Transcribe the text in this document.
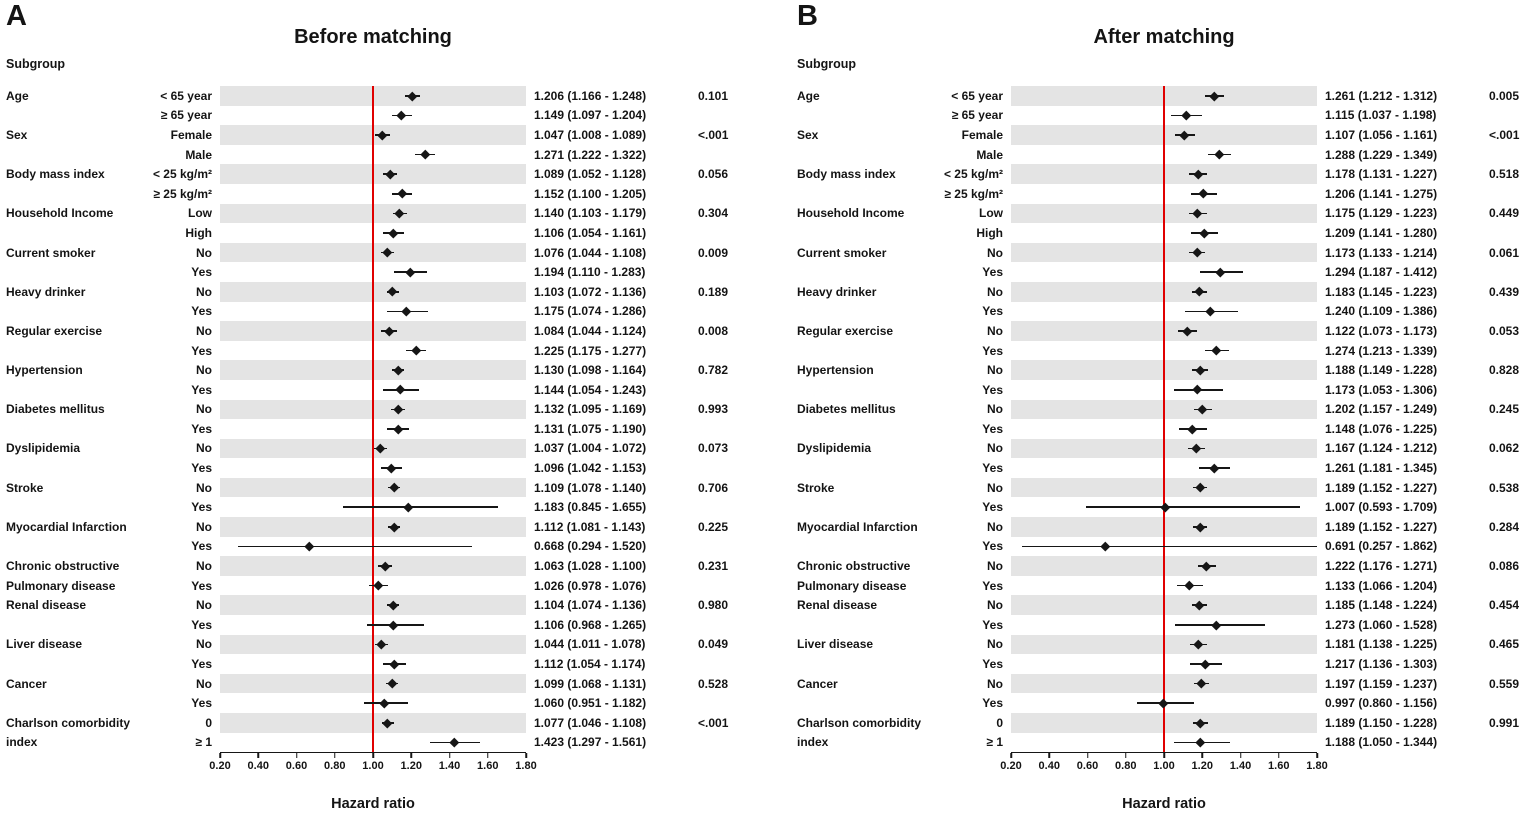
A
Before matching
Subgroup
Age	< 65 year	1.206 (1.166 - 1.248)	0.101
≥ 65 year	1.149 (1.097 - 1.204)
Sex	Female	1.047 (1.008 - 1.089)	<.001
Male	1.271 (1.222 - 1.322)
Body mass index	< 25 kg/m²	1.089 (1.052 - 1.128)	0.056
≥ 25 kg/m²	1.152 (1.100 - 1.205)
Household Income	Low	1.140 (1.103 - 1.179)	0.304
High	1.106 (1.054 - 1.161)
Current smoker	No	1.076 (1.044 - 1.108)	0.009
Yes	1.194 (1.110 - 1.283)
Heavy drinker	No	1.103 (1.072 - 1.136)	0.189
Yes	1.175 (1.074 - 1.286)
Regular exercise	No	1.084 (1.044 - 1.124)	0.008
Yes	1.225 (1.175 - 1.277)
Hypertension	No	1.130 (1.098 - 1.164)	0.782
Yes	1.144 (1.054 - 1.243)
Diabetes mellitus	No	1.132 (1.095 - 1.169)	0.993
Yes	1.131 (1.075 - 1.190)
Dyslipidemia	No	1.037 (1.004 - 1.072)	0.073
Yes	1.096 (1.042 - 1.153)
Stroke	No	1.109 (1.078 - 1.140)	0.706
Yes	1.183 (0.845 - 1.655)
Myocardial Infarction	No	1.112 (1.081 - 1.143)	0.225
Yes	0.668 (0.294 - 1.520)
Chronic obstructive	No	1.063 (1.028 - 1.100)	0.231
Pulmonary disease	Yes	1.026 (0.978 - 1.076)
Renal disease	No	1.104 (1.074 - 1.136)	0.980
Yes	1.106 (0.968 - 1.265)
Liver disease	No	1.044 (1.011 - 1.078)	0.049
Yes	1.112 (1.054 - 1.174)
Cancer	No	1.099 (1.068 - 1.131)	0.528
Yes	1.060 (0.951 - 1.182)
Charlson comorbidity	0	1.077 (1.046 - 1.108)	<.001
index	≥ 1	1.423 (1.297 - 1.561)
0.20 0.40 0.60 0.80 1.00 1.20 1.40 1.60 1.80
Hazard ratio
B
After matching
Subgroup
Age	< 65 year	1.261 (1.212 - 1.312)	0.005
≥ 65 year	1.115 (1.037 - 1.198)
Sex	Female	1.107 (1.056 - 1.161)	<.001
Male	1.288 (1.229 - 1.349)
Body mass index	< 25 kg/m²	1.178 (1.131 - 1.227)	0.518
≥ 25 kg/m²	1.206 (1.141 - 1.275)
Household Income	Low	1.175 (1.129 - 1.223)	0.449
High	1.209 (1.141 - 1.280)
Current smoker	No	1.173 (1.133 - 1.214)	0.061
Yes	1.294 (1.187 - 1.412)
Heavy drinker	No	1.183 (1.145 - 1.223)	0.439
Yes	1.240 (1.109 - 1.386)
Regular exercise	No	1.122 (1.073 - 1.173)	0.053
Yes	1.274 (1.213 - 1.339)
Hypertension	No	1.188 (1.149 - 1.228)	0.828
Yes	1.173 (1.053 - 1.306)
Diabetes mellitus	No	1.202 (1.157 - 1.249)	0.245
Yes	1.148 (1.076 - 1.225)
Dyslipidemia	No	1.167 (1.124 - 1.212)	0.062
Yes	1.261 (1.181 - 1.345)
Stroke	No	1.189 (1.152 - 1.227)	0.538
Yes	1.007 (0.593 - 1.709)
Myocardial Infarction	No	1.189 (1.152 - 1.227)	0.284
Yes	0.691 (0.257 - 1.862)
Chronic obstructive	No	1.222 (1.176 - 1.271)	0.086
Pulmonary disease	Yes	1.133 (1.066 - 1.204)
Renal disease	No	1.185 (1.148 - 1.224)	0.454
Yes	1.273 (1.060 - 1.528)
Liver disease	No	1.181 (1.138 - 1.225)	0.465
Yes	1.217 (1.136 - 1.303)
Cancer	No	1.197 (1.159 - 1.237)	0.559
Yes	0.997 (0.860 - 1.156)
Charlson comorbidity	0	1.189 (1.150 - 1.228)	0.991
index	≥ 1	1.188 (1.050 - 1.344)
0.20 0.40 0.60 0.80 1.00 1.20 1.40 1.60 1.80
Hazard ratio
